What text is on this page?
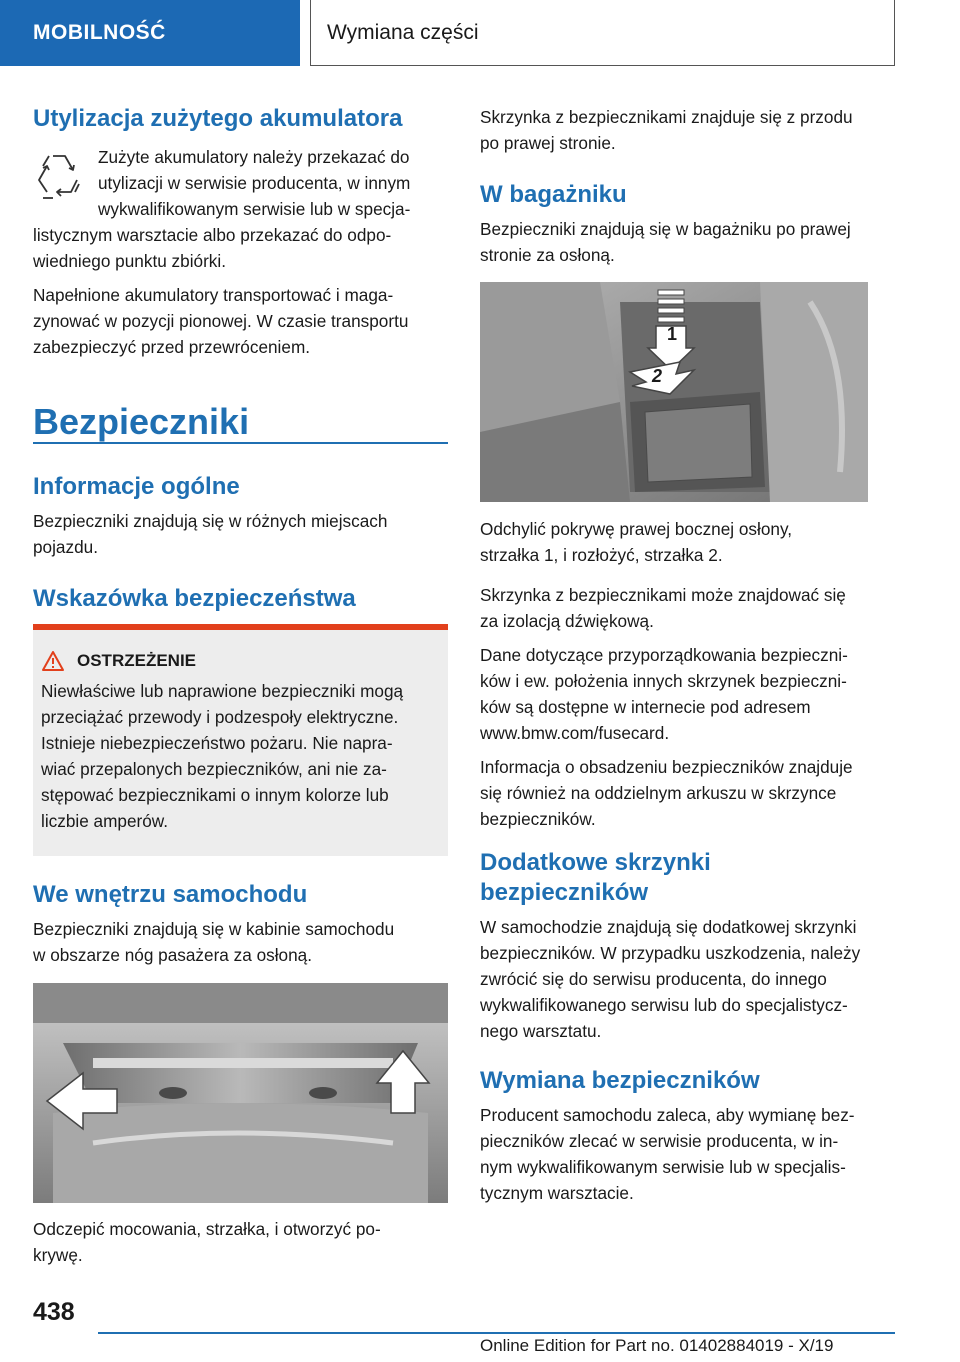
MOBILNOŚĆ	Wymiana części
Utylizacja zużytego akumulatora

Zużyte akumulatory należy przekazać do

utylizacji w serwisie producenta, w innym

wykwalifikowanym serwisie lub w specja-

listycznym warsztacie albo przekazać do odpo-

wiedniego punktu zbiórki.

Napełnione akumulatory transportować i maga-

zynować w pozycji pionowej. W czasie transportu

zabezpieczyć przed przewróceniem.

Bezpieczniki
Informacje ogólne

Bezpieczniki znajdują się w różnych miejscach

pojazdu.

Wskazówka bezpieczeństwa
OSTRZEŻENIE

Niewłaściwe lub naprawione bezpieczniki mogą

przeciążać przewody i podzespoły elektryczne.

Istnieje niebezpieczeństwo pożaru. Nie napra-

wiać przepalonych bezpieczników, ani nie za-

stępować bezpiecznikami o innym kolorze lub

liczbie amperów.

We wnętrzu samochodu

Bezpieczniki znajdują się w kabinie samochodu

w obszarze nóg pasażera za osłoną.

Odczepić mocowania, strzałka, i otworzyć po-

krywę.

Skrzynka z bezpiecznikami znajduje się z przodu

po prawej stronie.

W bagażniku

Bezpieczniki znajdują się w bagażniku po prawej

stronie za osłoną.

1
2

Odchylić pokrywę prawej bocznej osłony,

strzałka 1, i rozłożyć, strzałka 2.

Skrzynka z bezpiecznikami może znajdować się

za izolacją dźwiękową.

Dane dotyczące przyporządkowania bezpieczni-

ków i ew. położenia innych skrzynek bezpieczni-

ków są dostępne w internecie pod adresem

www.bmw.com/fusecard.

Informacja o obsadzeniu bezpieczników znajduje

się również na oddzielnym arkuszu w skrzynce

bezpieczników.

Dodatkowe skrzynki
bezpieczników

W samochodzie znajdują się dodatkowej skrzynki

bezpieczników. W przypadku uszkodzenia, należy

zwrócić się do serwisu producenta, do innego

wykwalifikowanego serwisu lub do specjalistycz-

nego warsztatu.

Wymiana bezpieczników

Producent samochodu zaleca, aby wymianę bez-

pieczników zlecać w serwisie producenta, w in-

nym wykwalifikowanym serwisie lub w specjalis-

tycznym warsztacie.

438
Online Edition for Part no. 01402884019 - X/19
